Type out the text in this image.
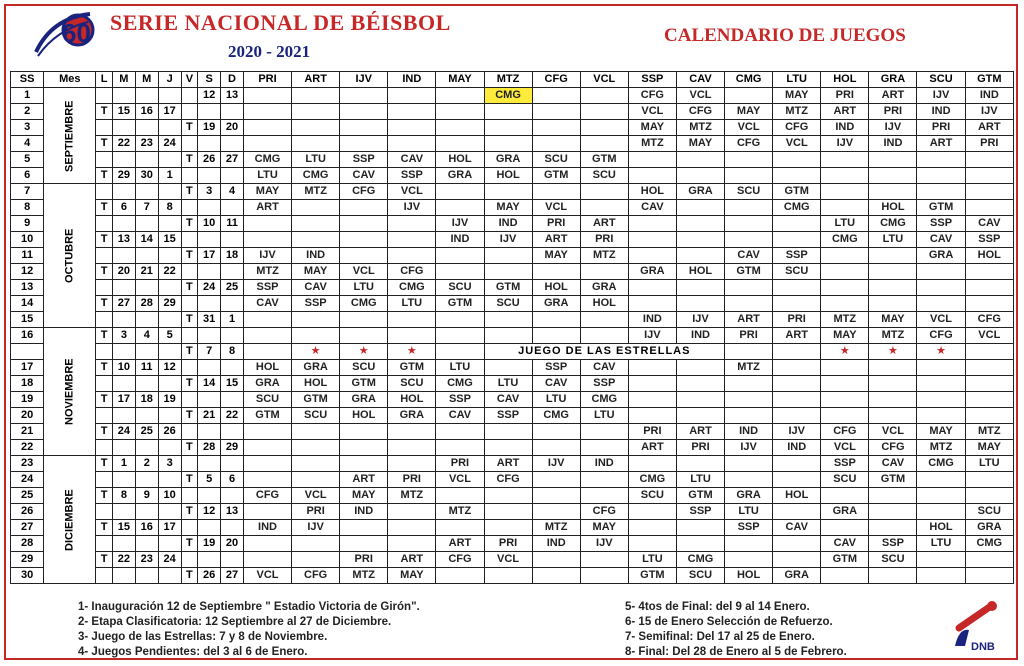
60 SERIE NACIONAL DE BÉISBOL
2020 - 2021
CALENDARIO DE JUEGOS
SS	Mes	L	M	M	J	V	S	D	PRI	ART	IJV	IND	MAY	MTZ	CFG	VCL	SSP	CAV	CMG	LTU	HOL	GRA	SCU	GTM
1	SEPTIEMBRE						12	13						CMG			CFG	VCL		MAY	PRI	ART	IJV	IND
2		T	15	16	17												VCL	CFG	MAY	MTZ	ART	PRI	IND	IJV
3						T	19	20									MAY	MTZ	VCL	CFG	IND	IJV	PRI	ART
4		T	22	23	24												MTZ	MAY	CFG	VCL	IJV	IND	ART	PRI
5						T	26	27	CMG	LTU	SSP	CAV	HOL	GRA	SCU	GTM								
6		T	29	30	1				LTU	CMG	CAV	SSP	GRA	HOL	GTM	SCU								
7	OCTUBRE					T	3	4	MAY	MTZ	CFG	VCL					HOL	GRA	SCU	GTM				
8		T	6	7	8				ART			IJV		MAY	VCL		CAV			CMG		HOL	GTM	
9						T	10	11					IJV	IND	PRI	ART					LTU	CMG	SSP	CAV
10		T	13	14	15								IND	IJV	ART	PRI					CMG	LTU	CAV	SSP
11						T	17	18	IJV	IND					MAY	MTZ			CAV	SSP			GRA	HOL
12		T	20	21	22				MTZ	MAY	VCL	CFG					GRA	HOL	GTM	SCU				
13						T	24	25	SSP	CAV	LTU	CMG	SCU	GTM	HOL	GRA								
14		T	27	28	29				CAV	SSP	CMG	LTU	GTM	SCU	GRA	HOL								
15						T	31	1									IND	IJV	ART	PRI	MTZ	MAY	VCL	CFG
16	NOVIEMBRE	T	3	4	5												IJV	IND	PRI	ART	MAY	MTZ	CFG	VCL
						T	7	8		★	★	★		JUEGO DE LAS ESTRELLAS							★	★	★	
17		T	10	11	12				HOL	GRA	SCU	GTM	LTU		SSP	CAV			MTZ					
18						T	14	15	GRA	HOL	GTM	SCU	CMG	LTU	CAV	SSP								
19		T	17	18	19				SCU	GTM	GRA	HOL	SSP	CAV	LTU	CMG								
20						T	21	22	GTM	SCU	HOL	GRA	CAV	SSP	CMG	LTU								
21		T	24	25	26												PRI	ART	IND	IJV	CFG	VCL	MAY	MTZ
22						T	28	29									ART	PRI	IJV	IND	VCL	CFG	MTZ	MAY
23	DICIEMBRE	T	1	2	3								PRI	ART	IJV	IND					SSP	CAV	CMG	LTU
24						T	5	6			ART	PRI	VCL	CFG			CMG	LTU			SCU	GTM		
25		T	8	9	10				CFG	VCL	MAY	MTZ					SCU	GTM	GRA	HOL				
26						T	12	13		PRI	IND		MTZ			CFG		SSP	LTU		GRA			SCU
27		T	15	16	17				IND	IJV					MTZ	MAY			SSP	CAV			HOL	GRA
28						T	19	20					ART	PRI	IND	IJV					CAV	SSP	LTU	CMG
29		T	22	23	24						PRI	ART	CFG	VCL			LTU	CMG			GTM	SCU		
30						T	26	27	VCL	CFG	MTZ	MAY					GTM	SCU	HOL	GRA				
1- Inauguración 12 de Septiembre " Estadio Victoria de Girón".
2- Etapa Clasificatoria: 12 Septiembre al 27 de Diciembre.
3- Juego de las Estrellas: 7 y 8 de Noviembre.
4- Juegos Pendientes: del 3 al 6 de Enero.
5- 4tos de Final: del 9 al 14 Enero.
6- 15 de Enero Selección de Refuerzo.
7- Semifinal: Del 17 al 25 de Enero.
8- Final: Del 28 de Enero al 5 de Febrero.	DNB
